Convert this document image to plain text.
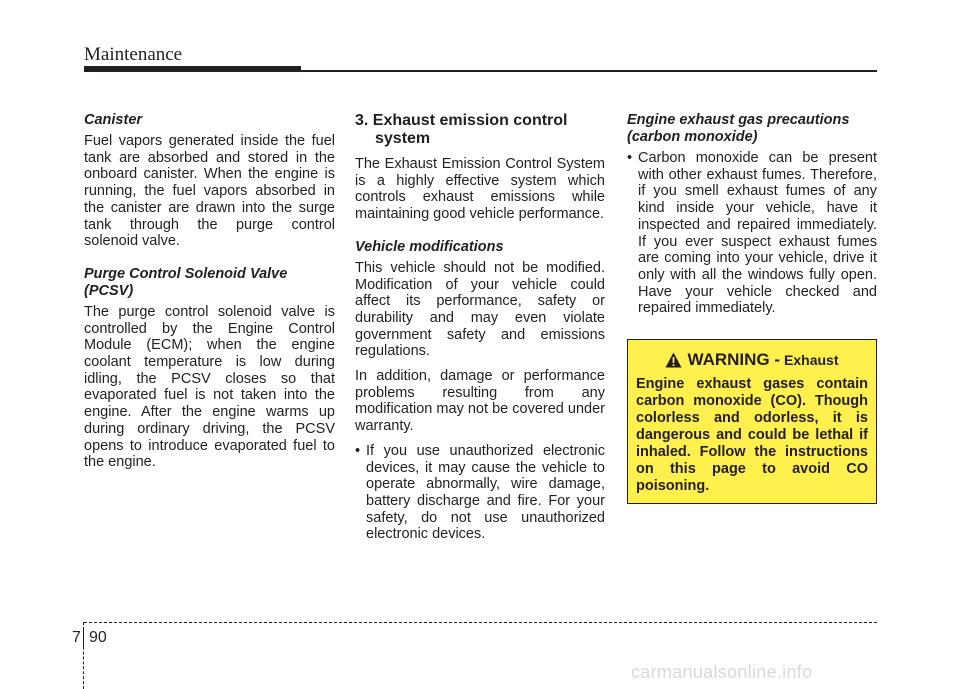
Maintenance
Canister
Fuel vapors generated inside the fuel tank are absorbed and stored in the onboard canister. When the engine is running, the fuel vapors absorbed in the canister are drawn into the surge tank through the purge control solenoid valve.
Purge Control Solenoid Valve (PCSV)
The purge control solenoid valve is controlled by the Engine Control Module (ECM); when the engine coolant temperature is low during idling, the PCSV closes so that evaporated fuel is not taken into the engine. After the engine warms up during ordinary driving, the PCSV opens to introduce evaporated fuel to the engine.
3. Exhaust emission control system
The Exhaust Emission Control System is a highly effective system which controls exhaust emissions while maintaining good vehicle performance.
Vehicle modifications
This vehicle should not be modified. Modification of your vehicle could affect its performance, safety or durability and may even violate government safety and emissions regulations.
In addition, damage or performance problems resulting from any modification may not be covered under warranty.
• If you use unauthorized electronic devices, it may cause the vehicle to operate abnormally, wire damage, battery discharge and fire. For your safety, do not use unauthorized electronic devices.
Engine exhaust gas precautions (carbon monoxide)
• Carbon monoxide can be present with other exhaust fumes. Therefore, if you smell exhaust fumes of any kind inside your vehicle, have it inspected and repaired immediately. If you ever suspect exhaust fumes are coming into your vehicle, drive it only with all the windows fully open. Have your vehicle checked and repaired immediately.
WARNING - Exhaust
Engine exhaust gases contain carbon monoxide (CO). Though colorless and odorless, it is dangerous and could be lethal if inhaled. Follow the instructions on this page to avoid CO poisoning.
7 90
carmanualsonline.info
